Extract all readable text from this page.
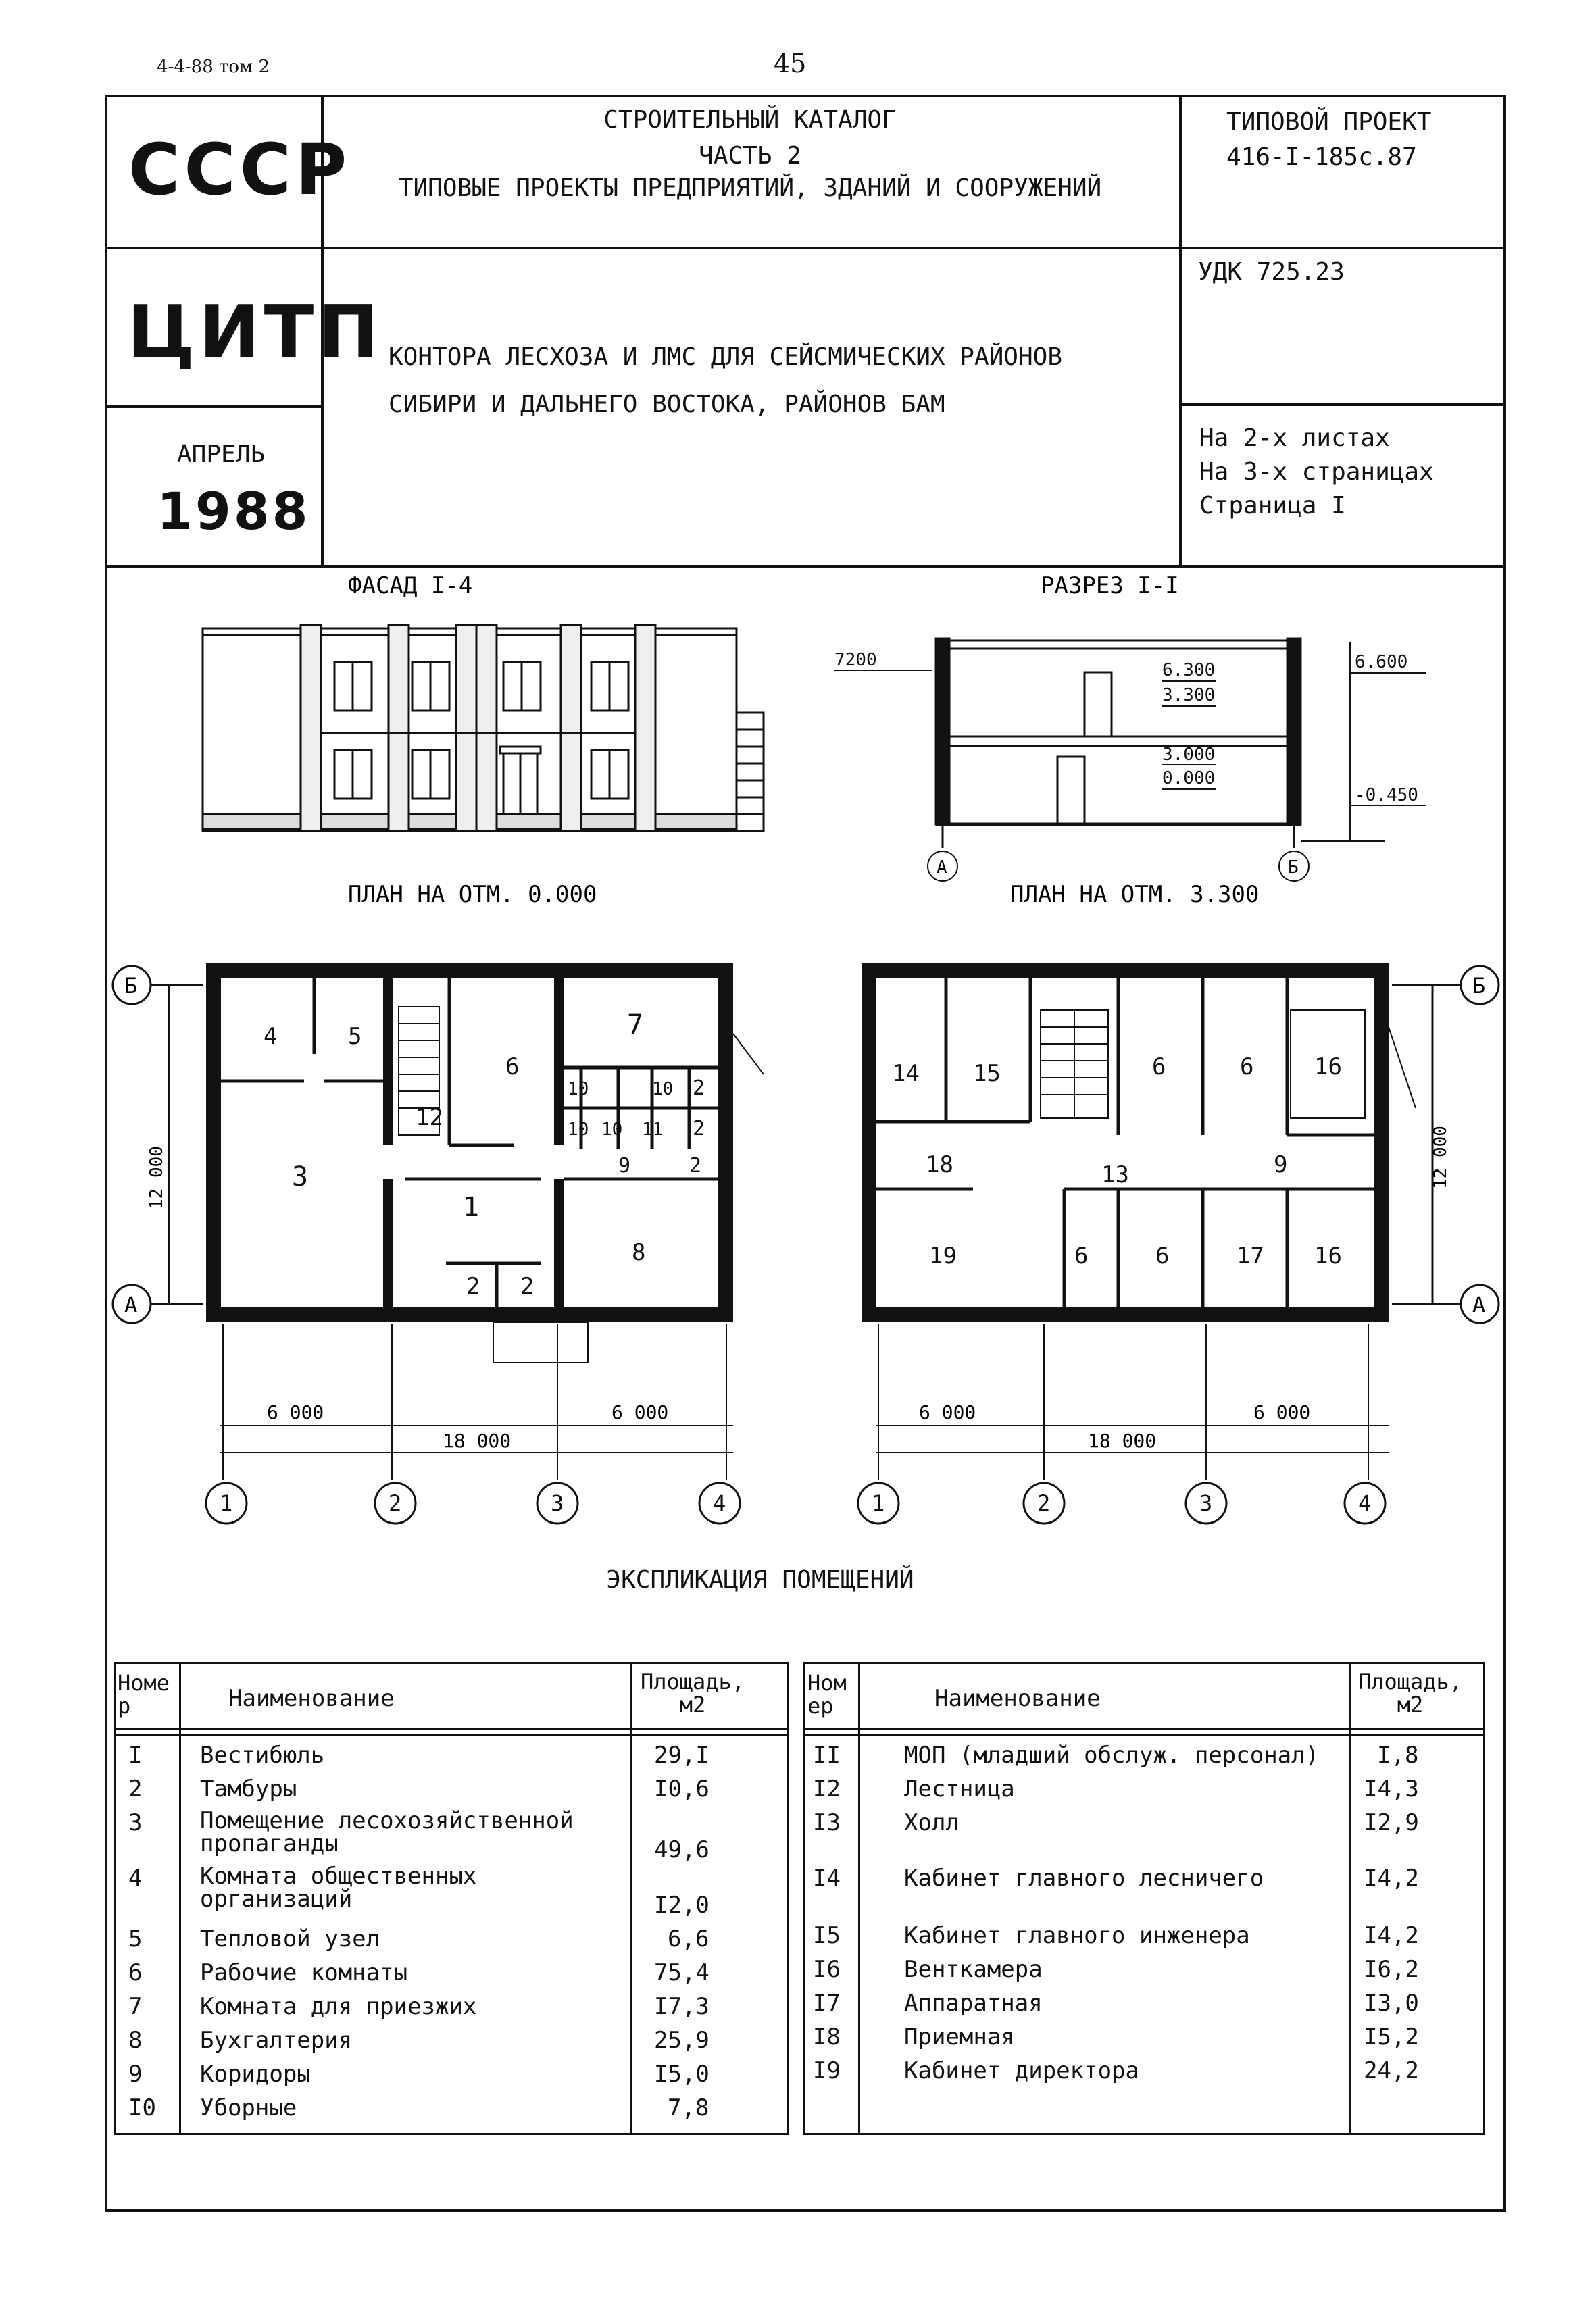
4-4-88 том 2	45
СССР
ЦИТП
АПРЕЛЬ
1988
СТРОИТЕЛЬНЫЙ КАТАЛОГ
ЧАСТЬ 2
ТИПОВЫЕ ПРОЕКТЫ ПРЕДПРИЯТИЙ, ЗДАНИЙ И СООРУЖЕНИЙ
КОНТОРА ЛЕСХОЗА И ЛМС ДЛЯ СЕЙСМИЧЕСКИХ РАЙОНОВ
СИБИРИ И ДАЛЬНЕГО ВОСТОКА, РАЙОНОВ БАМ
ТИПОВОЙ ПРОЕКТ
416-I-185с.87
УДК 725.23
На 2-х листах
На 3-х страницах
Страница I
ФАСАД I-4	РАЗРЕЗ I-I
ПЛАН НА ОТМ. 0.000	ПЛАН НА ОТМ. 3.300
7200	6.300
3.300
3.000
0.000
6.600
-0.450
А	Б
4	5
3
12
6
7
10
10
10
10 11
2
2
2
9
1
8
2 2
14 15	6	6	16
18	13	9
19	6	6	17 16
Б
А
Б
А
12 000	12 000
6 000	6 000
18 000
6 000	6 000
18 000
1	2	3	4	1	2	3	4
ЭКСПЛИКАЦИЯ ПОМЕЩЕНИЙ
Номер	Наименование
Площадь, м2
Номер	Наименование
Площадь, м2
I	Вестибюль	29,I
2	Тамбуры	I0,6
3	Помещение лесохозяйственной пропаганды	49,6
4	Комната общественных организаций	I2,0
5	Тепловой узел	6,6
6	Рабочие комнаты	75,4
7	Комната для приезжих	I7,3
8	Бухгалтерия	25,9
9	Коридоры	I5,0
I0 Уборные	7,8
II	МОП (младший обслуж. персонал)	I,8
I2	Лестница	I4,3
I3	Холл	I2,9
I4	Кабинет главного лесничего	I4,2
I5	Кабинет главного инженера	I4,2
I6	Венткамера	I6,2
I7	Аппаратная	I3,0
I8	Приемная	I5,2
I9	Кабинет директора	24,2
